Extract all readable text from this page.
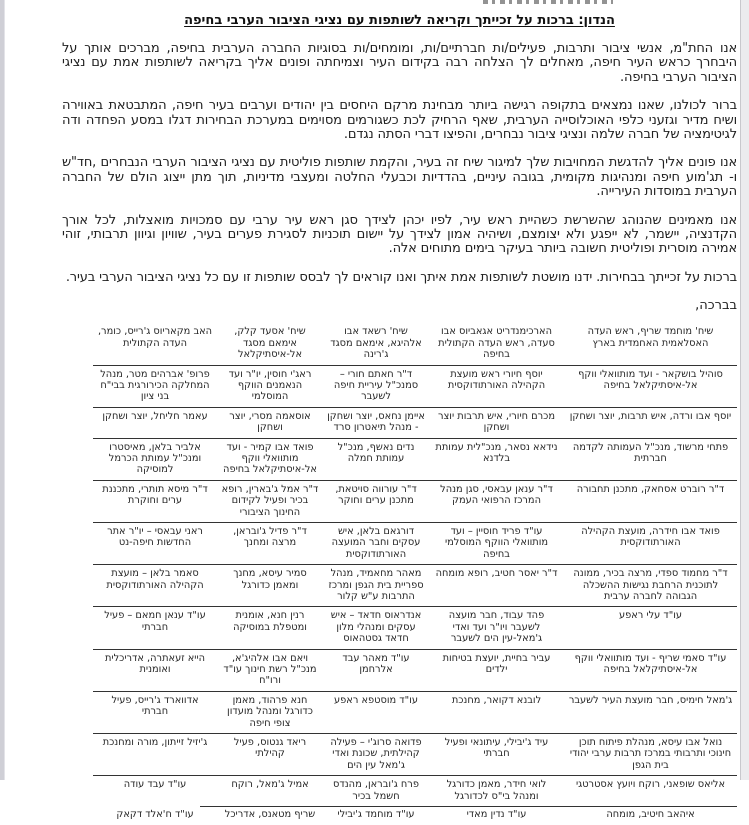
הנדון: ברכות על זכייתך וקריאה לשותפות עם נציגי הציבור הערבי בחיפה

אנו החת"מ, אנשי ציבור ותרבות, פעילים/ות חברתיים/ות, ומומחים/ות בסוגיות החברה הערבית בחיפה, מברכים אותך על היבחרך כראש העיר חיפה, מאחלים לך הצלחה רבה בקידום העיר וצמיחתה ופונים אליך בקריאה לשותפות אמת עם נציגי הציבור הערבי בחיפה.

ברור לכולנו, שאנו נמצאים בתקופה רגישה ביותר מבחינת מרקם היחסים בין יהודים וערבים בעיר חיפה, המתבטאת באווירה ושיח מדיר וגזעני כלפי האוכלוסייה הערבית, שאף הרחיק לכת כשגורמים מסוימים במערכת הבחירות דגלו במסע הפחדה ודה לגיטימציה של חברה שלמה ונציגי ציבור נבחרים, והפיצו דברי הסתה נגדם.

אנו פונים אליך להדגשת המחויבות שלך למיגור שיח זה בעיר, והקמת שותפות פוליטית עם נציגי הציבור הערבי הנבחרים ,חד"ש ו- תג'מוע חיפה ומנהיגות מקומית, בגובה עיניים, בהדדיות וכבעלי החלטה ומעצבי מדיניות, תוך מתן ייצוג הולם של החברה הערבית במוסדות העירייה.

אנו מאמינים שהנוהג שהשרשת כשהיית ראש עיר, לפיו יכהן לצידך סגן ראש עיר ערבי עם סמכויות מואצלות, לכל אורך הקדנציה, יישמר, לא ייפגע ולא יצומצם, ושיהיה אמון לצידך על יישום תוכניות לסגירת פערים בעיר, שוויון וגיוון תרבותי, זוהי אמירה מוסרית ופוליטית חשובה ביותר בעיקר בימים מתוחים אלה.

ברכות על זכייתך בבחירות. ידנו מושטת לשותפות אמת איתך ואנו קוראים לך לבסס שותפות זו עם כל נציגי הציבור הערבי בעיר.

בברכה,
שיח' מוחמד שריף, ראש העדה האסלאמית האחמדית בארץ
הארכימנדריט אגאביוס אבו סעדה, ראש העדה הקתולית בחיפה
שיח' רשאד אבו אלהיגא, אימאם מסגד ג'רינה
שיח' אסעד קלק, אימאם מסגד אל-איסתיקלאל
האב מקאריוס ג'רייס, כומר, העדה הקתולית
סוהיל בושקאר - ועד מותוואלי ווקף אל-איסתיקלאל בחיפה
יוסף חיורי ראש מועצת הקהילה האורתודוקסית
ד"ר חאתם חורי – סמנכ"ל עיריית חיפה לשעבר
ראג'י חוסין, יו"ר ועד הנאמנים הווקף המוסלמי
פרופ' אברהים מטר, מנהל המחלקה הכירורגית בבי"ח בני ציון
יוסף אבו ורדה, איש תרבות, יוצר ושחקן
מכרם חיורי, איש תרבות יוצר ושחקן
איימן נחאס, יוצר ושחקן - מנהל תיאטרון סרד
אוסאמה מסרי, יוצר ושחקן
עאמר חליחל, יוצר ושחקן
פתחי מרשוד, מנכ"ל העמותה לקדמה חברתית
נידאא נסאר, מנכ"לית עמותת בלדנא
נדים נאשף, מנכ"ל עמותת חמלה
פואד אבו קמיר - ועד מותוואלי ווקף אל-איסתיקלאל בחיפה
אלביר בלאן, מאיסטרו ומנכ"ל עמותת הכרמל למוסיקה
ד"ר רוברט אסחאק, מתכנן תחבורה
ד"ר ענאן עבאסי, סגן מנהל המרכז הרפואי העמק
ד"ר עורווה סויטאת, מתכנן ערים וחוקר
ד"ר אמל ג'בארין, רופא בכיר ופעיל לקידום החינוך הציבורי
ד"ר מיסא תותרי, מתכננת ערים וחוקרת
פואד אבו חידרה, מועצת הקהילה האורתודוקסית
עו"ד פריד חוסיין – ועד מותוואלי הווקף המוסלמי בחיפה
דורגאם בלאן, איש עסקים וחבר המועצה האורתודוקסית
ד"ר פדיל ג'ובראן, מרצה ומחנך
ראני עבאסי – יו"ר אתר החדשות חיפה-נט
ד"ר מחמוד ספדי, מרצה בכיר, ממונה לתוכנית הרחבת נגישות ההשכלה הגבוהה לחברה ערבית
ד"ר יאסר חטיב, רופא מומחה
מאהר מחאמיד, מנהל ספריית בית הגפן ומרכז התרבות ע"ש קלור
סמיר עיסא, מחנך ומאמן כדורגל
סאמר בלאן – מועצת הקהילה האורתודוקסית
עו"ד עלי ראפע
פהד עבוד, חבר מועצה לשעבר ויו"ר ועד ואדי ג'מאל-עין הים לשעבר
אנדראוס חדאד – איש עסקים ומנהלי מלון חדאד גסטהאוס
רנין חנא, אומנית ומטפלת במוסיקה
עו"ד ענאן חמאם – פעיל חברתי
עו"ד סאמי שריף - ועד מותוואלי ווקף אל-איסתיקלאל בחיפה
עביר בחיית, יועצת בטיחות ילדים
עו"ד מאהר עבד אלרחמן
ויאם אבו אלהיג'א, מנכ"ל רשת חינוך עו"ד ורו"ח
הייא זעאתרה, אדריכלית ואומנית
ג'מאל חימיס, חבר מועצת העיר לשעבר
לובנא דקואר, מחנכת
עו"ד מוסטפא ראפע
חנא פרהוד, מאמן כדורגל ומנהל מועדון צופי חיפה
אדווארד ג'רייס, פעיל חברתי
נואל אבו עיסא, מנהלת פיתוח תוכן חינוכי ותרבותי במרכז תרבות ערבי יהודי בית הגפן
עיד ג'יבילי, עיתונאי ופעיל חברתי
פדואה סרוג'י – פעילה קהילתית, שכונת ואדי ג'מאל עין הים
ריאד גנטוס, פעיל קהילתי
ג'יזיל זייתון, מורה ומחנכת
אליאס שופאני, רוקח ויועץ אסטרטגי
לואי חידר, מאמן כדורגל ומנהל בי"ס לכדורגל
פרח ג'ובראן, מהנדס חשמל בכיר
אמיל ג'מאל, רוקח
עו"ד עבד עודה
איהאב חיטיב, מומחה
עו"ד נדין מאדי
עו"ד מוחמד ג'יבילי
שריף מטאנס, אדריכל
עו"ד ח'אלד דקאק
